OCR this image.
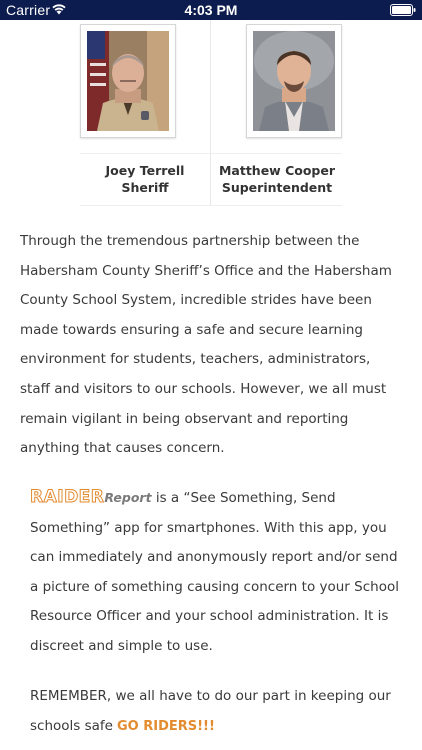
Carrier	4:03 PM
Joey Terrell
Sheriff
Matthew Cooper
Superintendent

Through the tremendous partnership between the Habersham County Sheriff’s Office and the Habersham County School System, incredible strides have been made towards ensuring a safe and secure learning environment for students, teachers, administrators, staff and visitors to our schools. However, we all must remain vigilant in being observant and reporting anything that causes concern.

RAIDERReport is a “See Something, Send Something” app for smartphones. With this app, you can immediately and anonymously report and/or send a picture of something causing concern to your School Resource Officer and your school administration. It is discreet and simple to use.

REMEMBER, we all have to do our part in keeping our schools safe GO RIDERS!!!
